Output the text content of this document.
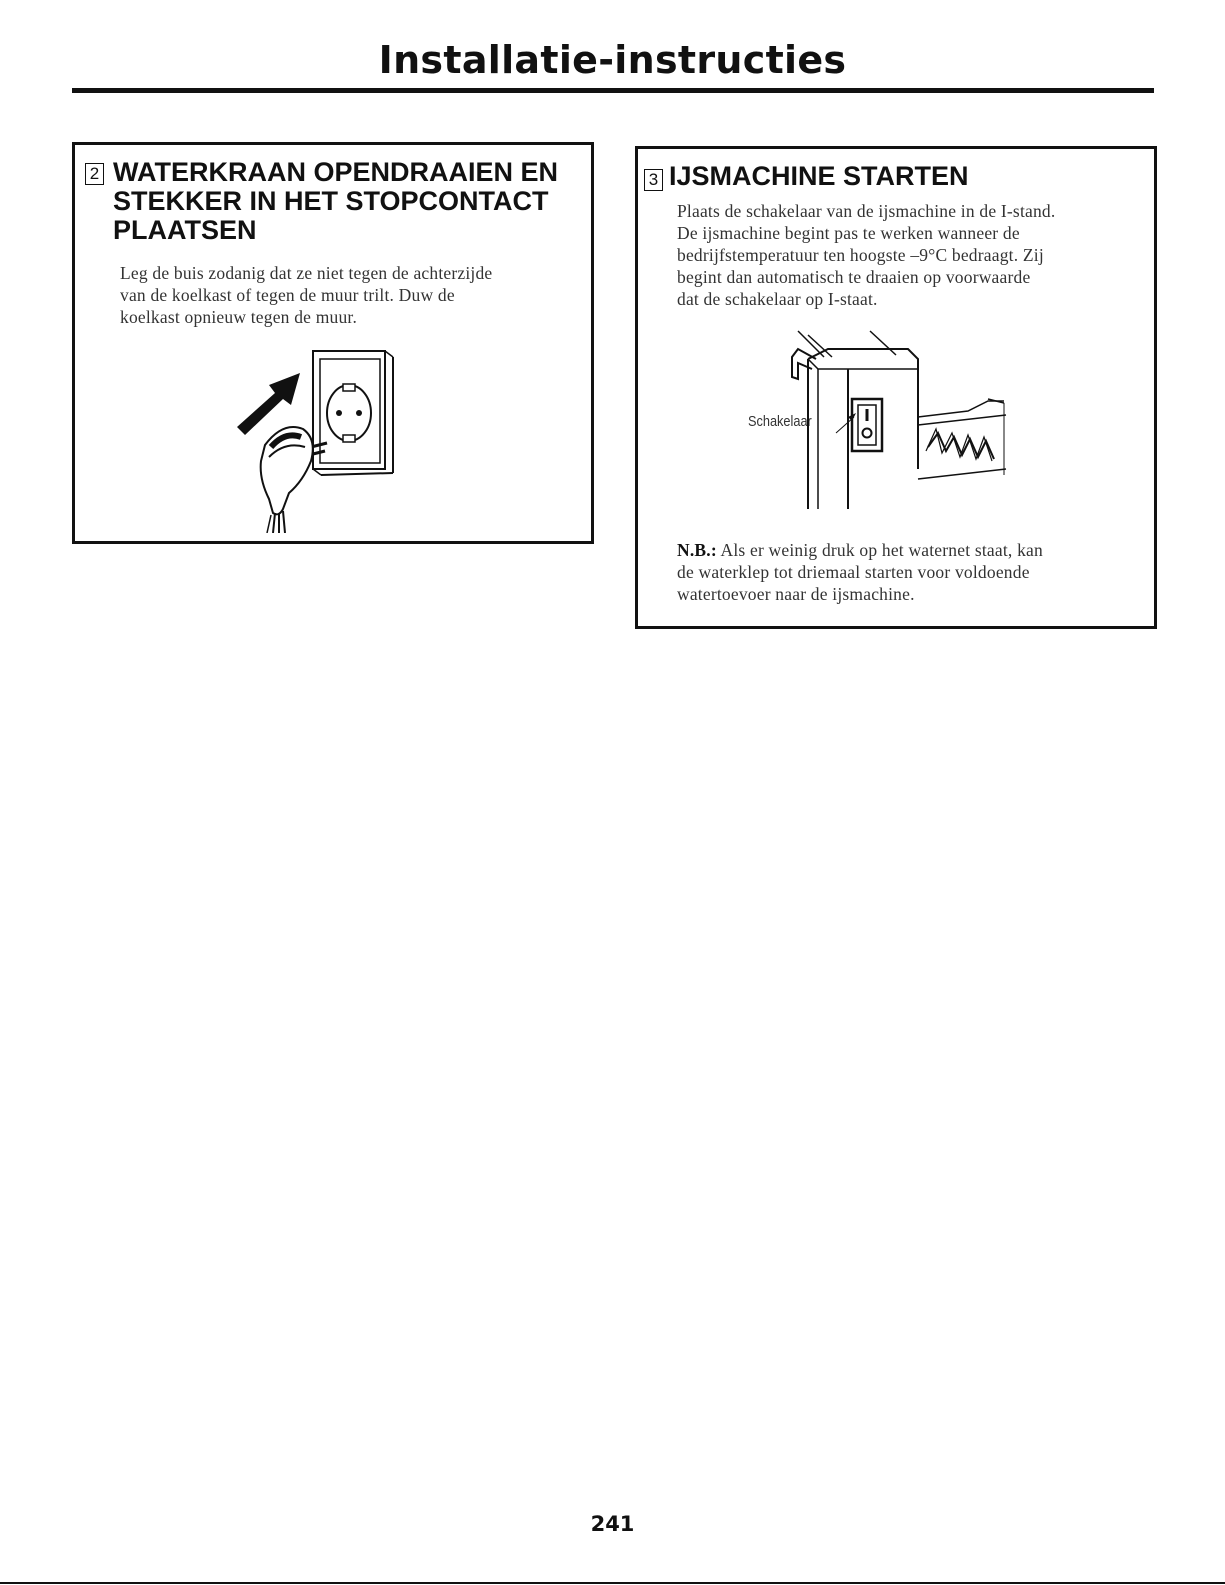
Installatie-instructies
2 WATERKRAAN OPENDRAAIEN EN
STEKKER IN HET STOPCONTACT
PLAATSEN

Leg de buis zodanig dat ze niet tegen de achterzijde
van de koelkast of tegen de muur trilt. Duw de
koelkast opnieuw tegen de muur.

3 IJSMACHINE STARTEN

Plaats de schakelaar van de ijsmachine in de I-stand.
De ijsmachine begint pas te werken wanneer de
bedrijfstemperatuur ten hoogste –9°C bedraagt. Zij
begint dan automatisch te draaien op voorwaarde
dat de schakelaar op I-staat.

Schakelaar

N.B.: Als er weinig druk op het waternet staat, kan
de waterklep tot driemaal starten voor voldoende
watertoevoer naar de ijsmachine.

241
